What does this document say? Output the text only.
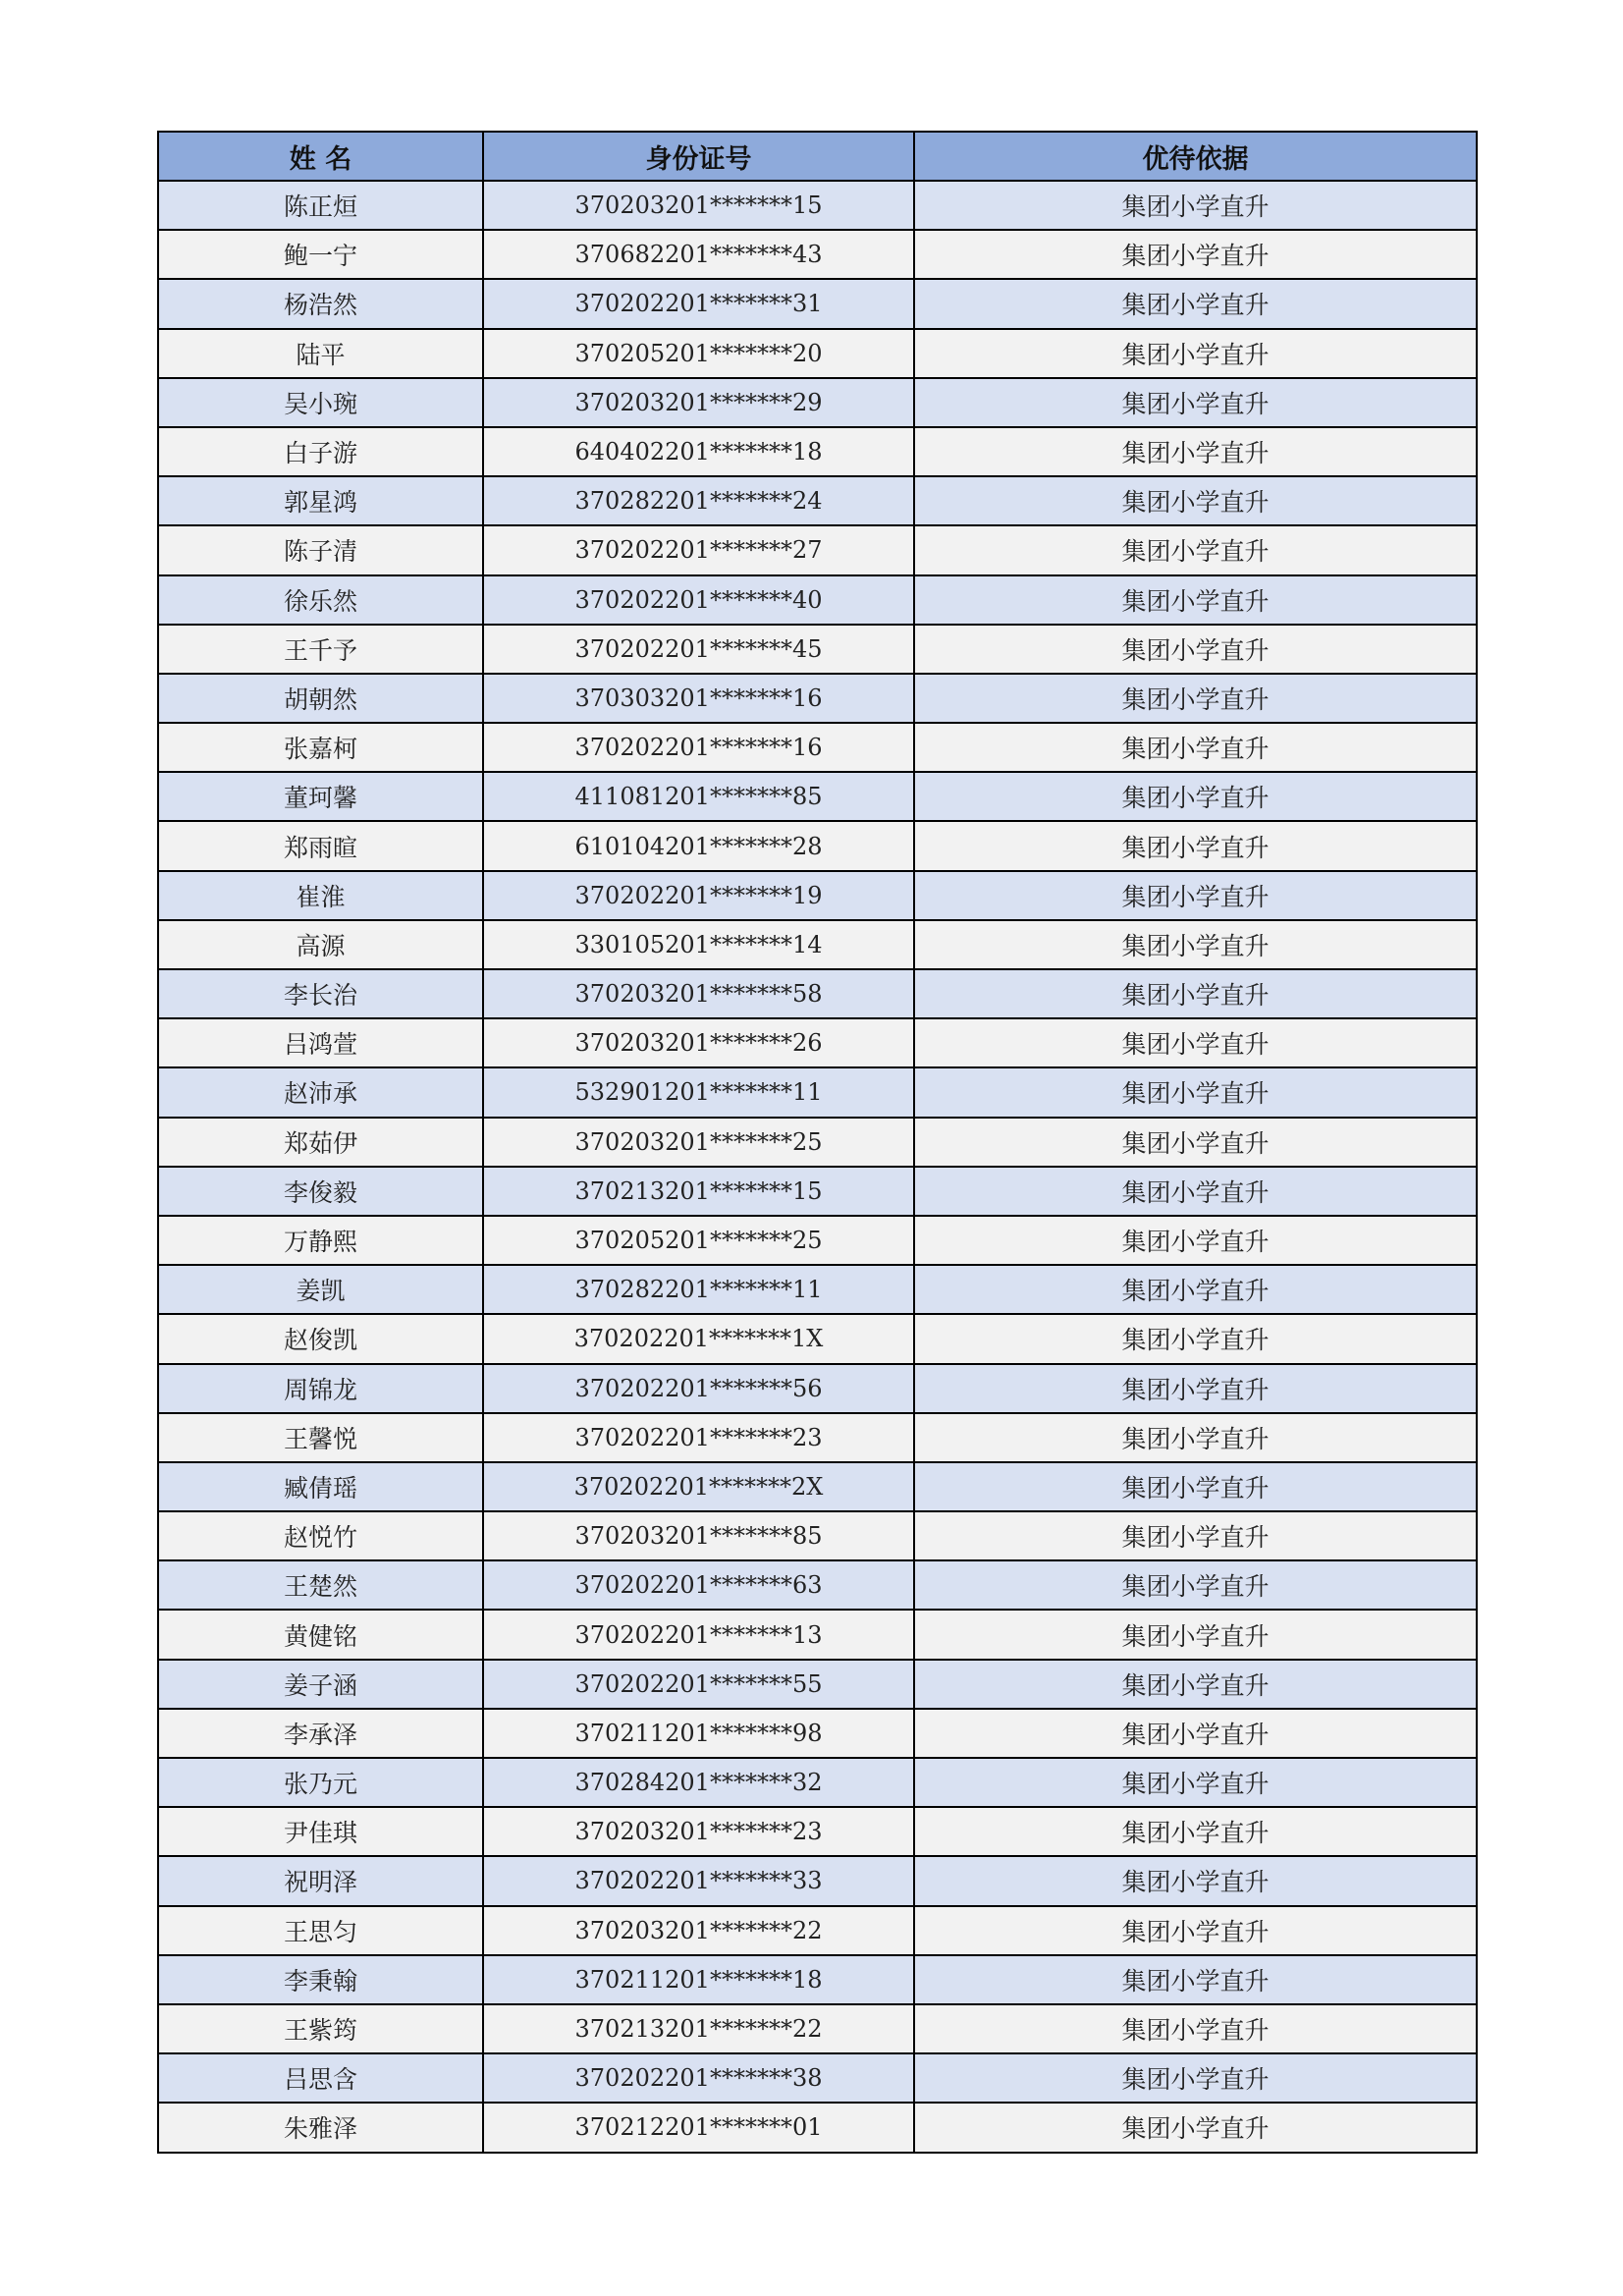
姓 名	身份证号	优待依据
陈正烜	370203201*******15	集团小学直升
鲍一宁	370682201*******43	集团小学直升
杨浩然	370202201*******31	集团小学直升
陆平	370205201*******20	集团小学直升
吴小琬	370203201*******29	集团小学直升
白子游	640402201*******18	集团小学直升
郭星鸿	370282201*******24	集团小学直升
陈子清	370202201*******27	集团小学直升
徐乐然	370202201*******40	集团小学直升
王千予	370202201*******45	集团小学直升
胡朝然	370303201*******16	集团小学直升
张嘉柯	370202201*******16	集团小学直升
董珂馨	411081201*******85	集团小学直升
郑雨暄	610104201*******28	集团小学直升
崔淮	370202201*******19	集团小学直升
高源	330105201*******14	集团小学直升
李长治	370203201*******58	集团小学直升
吕鸿萱	370203201*******26	集团小学直升
赵沛承	532901201*******11	集团小学直升
郑茹伊	370203201*******25	集团小学直升
李俊毅	370213201*******15	集团小学直升
万静熙	370205201*******25	集团小学直升
姜凯	370282201*******11	集团小学直升
赵俊凯	370202201*******1X	集团小学直升
周锦龙	370202201*******56	集团小学直升
王馨悦	370202201*******23	集团小学直升
臧倩瑶	370202201*******2X	集团小学直升
赵悦竹	370203201*******85	集团小学直升
王楚然	370202201*******63	集团小学直升
黄健铭	370202201*******13	集团小学直升
姜子涵	370202201*******55	集团小学直升
李承泽	370211201*******98	集团小学直升
张乃元	370284201*******32	集团小学直升
尹佳琪	370203201*******23	集团小学直升
祝明泽	370202201*******33	集团小学直升
王思匀	370203201*******22	集团小学直升
李秉翰	370211201*******18	集团小学直升
王紫筠	370213201*******22	集团小学直升
吕思含	370202201*******38	集团小学直升
朱雅泽	370212201*******01	集团小学直升
